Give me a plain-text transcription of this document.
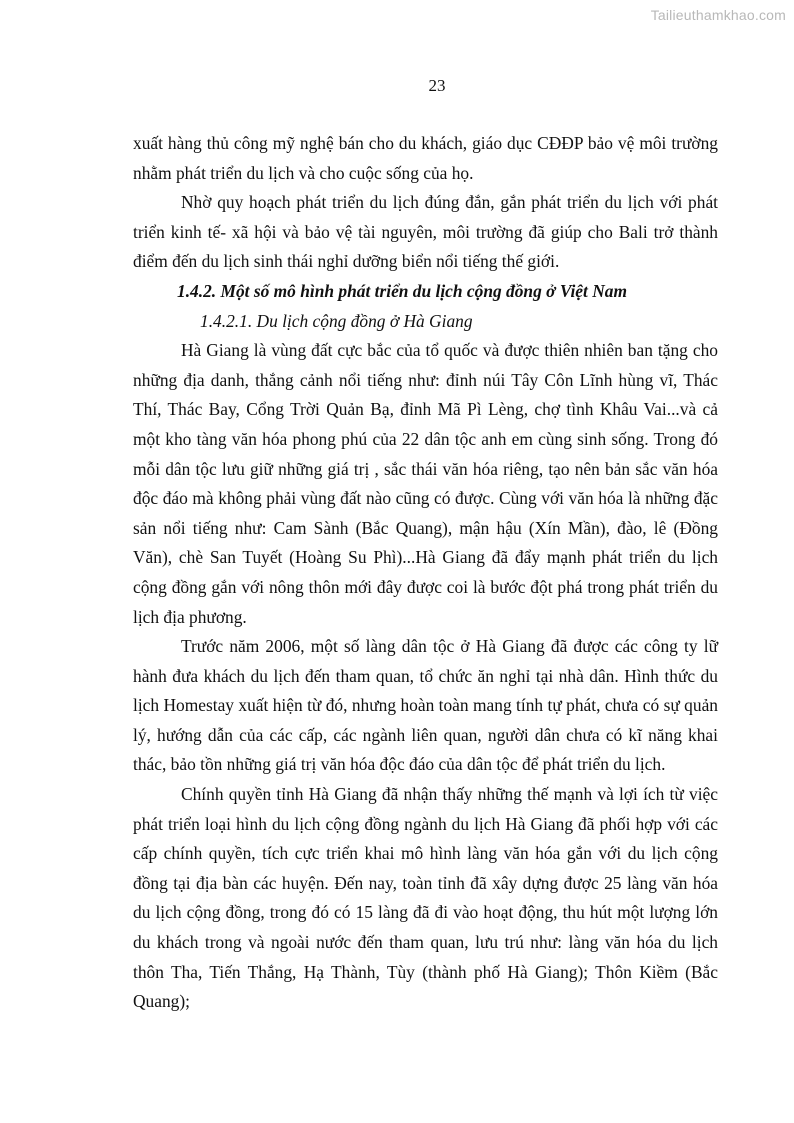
Tailieuthamkhao.com
23

xuất hàng thủ công mỹ nghệ bán cho du khách, giáo dục CĐĐP bảo vệ môi trường nhằm phát triển du lịch và cho cuộc sống của họ.

Nhờ quy hoạch phát triển du lịch đúng đắn, gắn phát triển du lịch với phát triển kinh tế- xã hội và bảo vệ tài nguyên, môi trường đã giúp cho Bali trở thành điểm đến du lịch sinh thái nghỉ dưỡng biển nổi tiếng thế giới.

1.4.2. Một số mô hình phát triển du lịch cộng đồng ở Việt Nam

1.4.2.1. Du lịch cộng đồng ở Hà Giang

Hà Giang là vùng đất cực bắc của tổ quốc và được thiên nhiên ban tặng cho những địa danh, thắng cảnh nổi tiếng như: đỉnh núi Tây Côn Lĩnh hùng vĩ, Thác Thí, Thác Bay, Cổng Trời Quản Bạ, đỉnh Mã Pì Lèng, chợ tình Khâu Vai...và cả một kho tàng văn hóa phong phú của 22 dân tộc anh em cùng sinh sống. Trong đó mỗi dân tộc lưu giữ những giá trị , sắc thái văn hóa riêng, tạo nên bản sắc văn hóa độc đáo mà không phải vùng đất nào cũng có được. Cùng với văn hóa là những đặc sản nổi tiếng như: Cam Sành (Bắc Quang), mận hậu (Xín Mần), đào, lê (Đồng Văn), chè San Tuyết (Hoàng Su Phì)...Hà Giang đã đẩy mạnh phát triển du lịch cộng đồng gắn với nông thôn mới đây được coi là bước đột phá trong phát triển du lịch địa phương.

Trước năm 2006, một số làng dân tộc ở Hà Giang đã được các công ty lữ hành đưa khách du lịch đến tham quan, tổ chức ăn nghỉ tại nhà dân. Hình thức du lịch Homestay xuất hiện từ đó, nhưng hoàn toàn mang tính tự phát, chưa có sự quản lý, hướng dẫn của các cấp, các ngành liên quan, người dân chưa có kĩ năng khai thác, bảo tồn những giá trị văn hóa độc đáo của dân tộc để phát triển du lịch.

Chính quyền tỉnh Hà Giang đã nhận thấy những thế mạnh và lợi ích từ việc phát triển loại hình du lịch cộng đồng ngành du lịch Hà Giang đã phối hợp với các cấp chính quyền, tích cực triển khai mô hình làng văn hóa gắn với du lịch cộng đồng tại địa bàn các huyện. Đến nay, toàn tỉnh đã xây dựng được 25 làng văn hóa du lịch cộng đồng, trong đó có 15 làng đã đi vào hoạt động, thu hút một lượng lớn du khách trong và ngoài nước đến tham quan, lưu trú như: làng văn hóa du lịch thôn Tha, Tiến Thắng, Hạ Thành, Tùy (thành phố Hà Giang); Thôn Kiềm (Bắc Quang);
